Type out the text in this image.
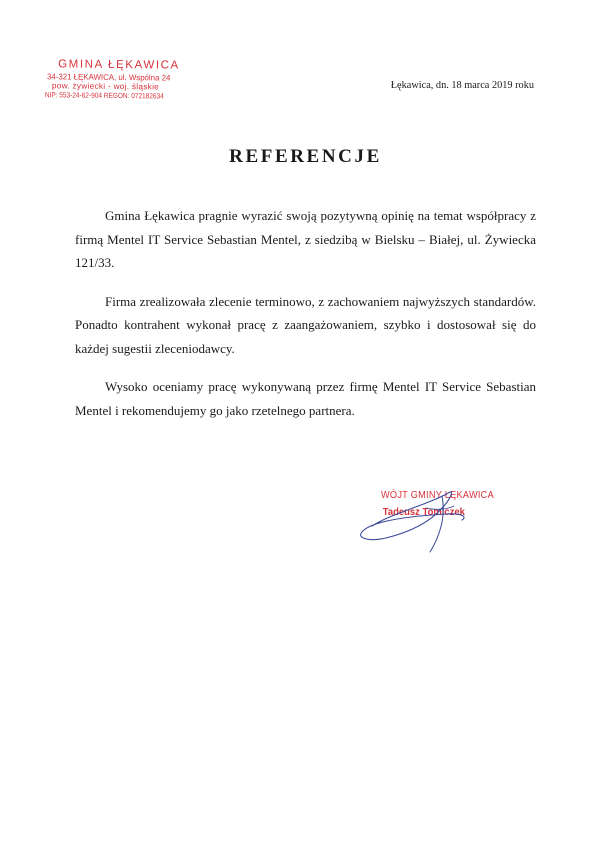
GMINA ŁĘKAWICA
34-321 ŁĘKAWICA, ul. Wspólna 24
pow. żywiecki - woj. śląskie
NIP: 553-24-62-904 REGON: 072182634
Łękawica, dn. 18 marca 2019 roku
REFERENCJE

Gmina Łękawica pragnie wyrazić swoją pozytywną opinię na temat współpracy z firmą Mentel IT Service Sebastian Mentel, z siedzibą w Bielsku – Białej, ul. Żywiecka 121/33.

Firma zrealizowała zlecenie terminowo, z zachowaniem najwyższych standardów. Ponadto kontrahent wykonał pracę z zaangażowaniem, szybko i dostosował się do każdej sugestii zleceniodawcy.

Wysoko oceniamy pracę wykonywaną przez firmę Mentel IT Service Sebastian Mentel i rekomendujemy go jako rzetelnego partnera.

WÓJT GMINY ŁĘKAWICA
Tadeusz Tomiczek
